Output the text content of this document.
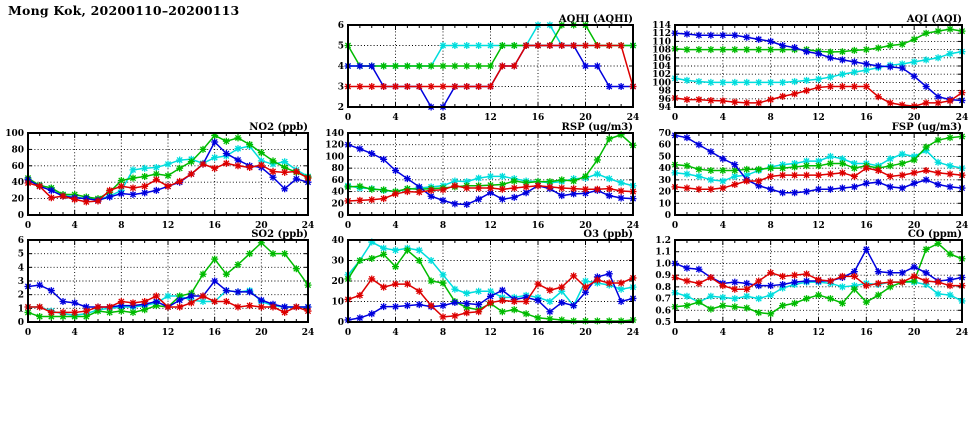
Mong Kok, 20200110–20200113
2
3
4
5
6
0	4	8	12	16	20	24
AQHI (AQHI)
94
96
98
100
102
104
106
108
110
112
114
0	4	8	12	16	20	24
AQI (AQI)
0
20
40
60
80
100
0	4	8	12	16	20	24
NO2 (ppb)
0
20
40
60
80
100
120
140
0	4	8	12	16	20	24
RSP (ug/m3)
0
10
20
30
40
50
60
70
0	4	8	12	16	20	24
FSP (ug/m3)
0
1
2
3
4
5
6
0	4	8	12	16	20	24
SO2 (ppb)
0
10
20
30
40
0	4	8	12	16	20	24
O3 (ppb)
0.5
0.6
0.7
0.8
0.9
1.0
1.1
1.2
0	4	8	12	16	20	24
CO (ppm)
